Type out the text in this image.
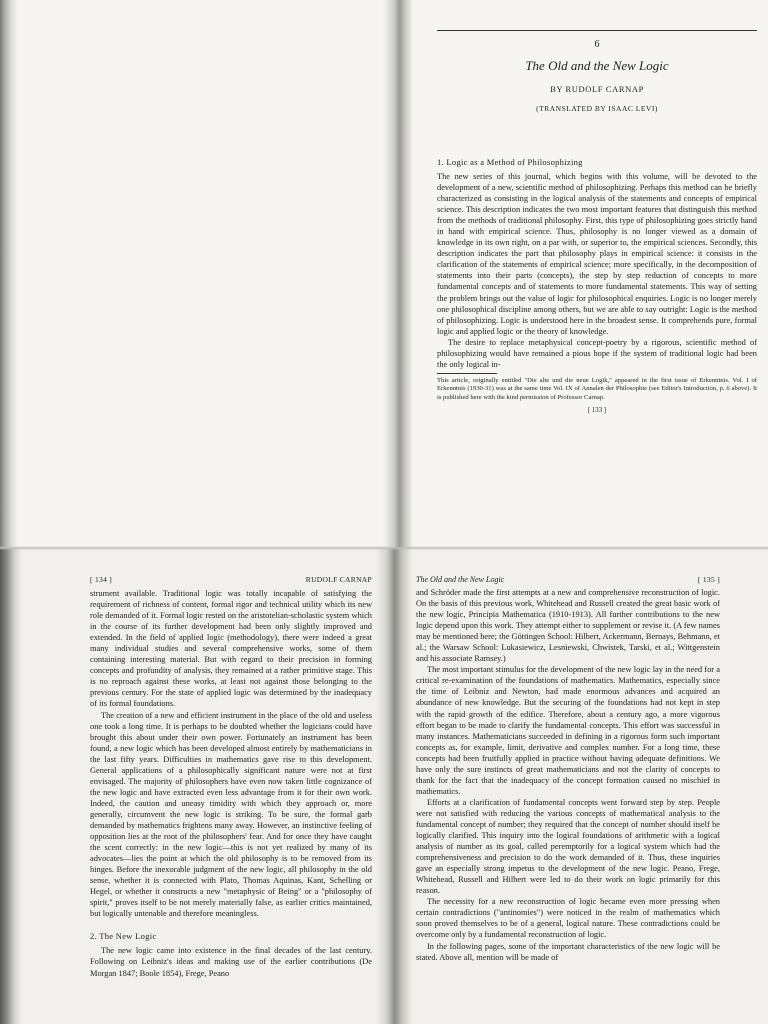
6
The Old and the New Logic
BY RUDOLF CARNAP
(TRANSLATED BY ISAAC LEVI)
1. Logic as a Method of Philosophizing

The new series of this journal, which begins with this volume, will be devoted to the development of a new, scientific method of philosophizing. Perhaps this method can be briefly characterized as consisting in the logical analysis of the statements and concepts of empirical science. This description indicates the two most important features that distinguish this method from the methods of traditional philosophy. First, this type of philosophizing goes strictly hand in hand with empirical science. Thus, philosophy is no longer viewed as a domain of knowledge in its own right, on a par with, or superior to, the empirical sciences. Secondly, this description indicates the part that philosophy plays in empirical science: it consists in the clarification of the statements of empirical science; more specifically, in the decomposition of statements into their parts (concepts), the step by step reduction of concepts to more fundamental concepts and of statements to more fundamental statements. This way of setting the problem brings out the value of logic for philosophical enquiries. Logic is no longer merely one philosophical discipline among others, but we are able to say outright: Logic is the method of philosophizing. Logic is understood here in the broadest sense. It comprehends pure, formal logic and applied logic or the theory of knowledge.

The desire to replace metaphysical concept-poetry by a rigorous, scientific method of philosophizing would have remained a pious hope if the system of traditional logic had been the only logical in-

This article, originally entitled "Die alte und die neue Logik," appeared in the first issue of Erkenntnis. Vol. I of Erkenntnis (1930-31) was at the same time Vol. IX of Annalen der Philosophie (see Editor's Introduction, p. 6 above). It is published here with the kind permission of Professor Carnap.

[ 133 ]
[ 134 ]	RUDOLF CARNAP

strument available. Traditional logic was totally incapable of satisfying the requirement of richness of content, formal rigor and technical utility which its new role demanded of it. Formal logic rested on the aristotelian-scholastic system which in the course of its further development had been only slightly improved and extended. In the field of applied logic (methodology), there were indeed a great many individual studies and several comprehensive works, some of them containing interesting material. But with regard to their precision in forming concepts and profundity of analysis, they remained at a rather primitive stage. This is no reproach against these works, at least not against those belonging to the previous century. For the state of applied logic was determined by the inadequacy of its formal foundations.

The creation of a new and efficient instrument in the place of the old and useless one took a long time. It is perhaps to be doubted whether the logicians could have brought this about under their own power. Fortunately an instrument has been found, a new logic which has been developed almost entirely by mathematicians in the last fifty years. Difficulties in mathematics gave rise to this development. General applications of a philosophically significant nature were not at first envisaged. The majority of philosophers have even now taken little cognizance of the new logic and have extracted even less advantage from it for their own work. Indeed, the caution and uneasy timidity with which they approach or, more generally, circumvent the new logic is striking. To be sure, the formal garb demanded by mathematics frightens many away. However, an instinctive feeling of opposition lies at the root of the philosophers' fear. And for once they have caught the scent correctly: in the new logic—this is not yet realized by many of its advocates—lies the point at which the old philosophy is to be removed from its hinges. Before the inexorable judgment of the new logic, all philosophy in the old sense, whether it is connected with Plato, Thomas Aquinas, Kant, Schelling or Hegel, or whether it constructs a new "metaphysic of Being" or a "philosophy of spirit," proves itself to be not merely materially false, as earlier critics maintained, but logically untenable and therefore meaningless.

2. The New Logic

The new logic came into existence in the final decades of the last century. Following on Leibniz's ideas and making use of the earlier contributions (De Morgan 1847; Boole 1854), Frege, Peano

The Old and the New Logic	[ 135 ]

and Schröder made the first attempts at a new and comprehensive reconstruction of logic. On the basis of this previous work, Whitehead and Russell created the great basic work of the new logic, Principia Mathematica (1910-1913). All further contributions to the new logic depend upon this work. They attempt either to supplement or revise it. (A few names may be mentioned here; the Göttingen School: Hilbert, Ackermann, Bernays, Behmann, et al.; the Warsaw School: Lukasiewicz, Lesniewski, Chwistek, Tarski, et al.; Wittgenstein and his associate Ramsey.)

The most important stimulus for the development of the new logic lay in the need for a critical re-examination of the foundations of mathematics. Mathematics, especially since the time of Leibniz and Newton, had made enormous advances and acquired an abundance of new knowledge. But the securing of the foundations had not kept in step with the rapid growth of the edifice. Therefore, about a century ago, a more vigorous effort began to be made to clarify the fundamental concepts. This effort was successful in many instances. Mathematicians succeeded in defining in a rigorous form such important concepts as, for example, limit, derivative and complex number. For a long time, these concepts had been fruitfully applied in practice without having adequate definitions. We have only the sure instincts of great mathematicians and not the clarity of concepts to thank for the fact that the inadequacy of the concept formation caused no mischief in mathematics.

Efforts at a clarification of fundamental concepts went forward step by step. People were not satisfied with reducing the various concepts of mathematical analysis to the fundamental concept of number; they required that the concept of number should itself be logically clarified. This inquiry into the logical foundations of arithmetic with a logical analysis of number as its goal, called peremptorily for a logical system which had the comprehensiveness and precision to do the work demanded of it. Thus, these inquiries gave an especially strong impetus to the development of the new logic. Peano, Frege, Whitehead, Russell and Hilbert were led to do their work on logic primarily for this reason.

The necessity for a new reconstruction of logic became even more pressing when certain contradictions ("antinomies") were noticed in the realm of mathematics which soon proved themselves to be of a general, logical nature. These contradictions could be overcome only by a fundamental reconstruction of logic.

In the following pages, some of the important characteristics of the new logic will be stated. Above all, mention will be made of
